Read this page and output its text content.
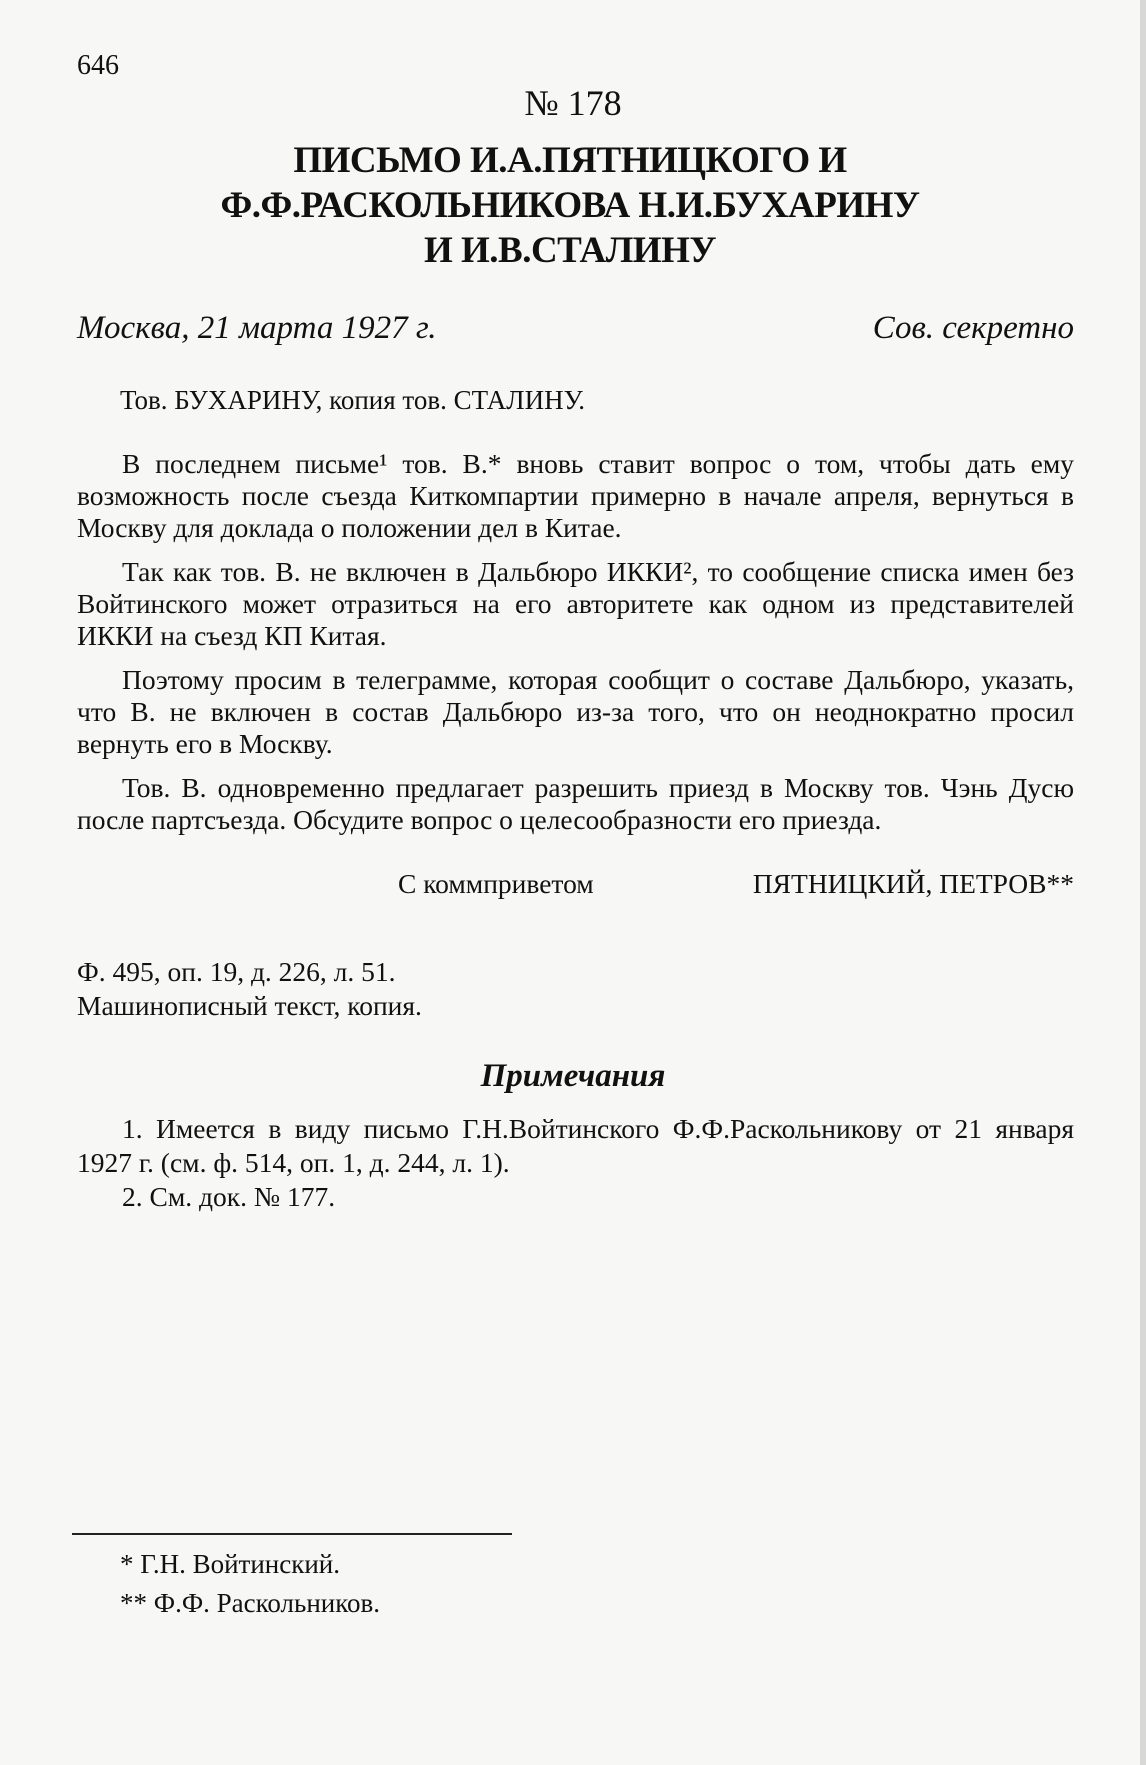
646
№ 178
ПИСЬМО И.А.ПЯТНИЦКОГО И
Ф.Ф.РАСКОЛЬНИКОВА Н.И.БУХАРИНУ
И И.В.СТАЛИНУ
Москва, 21 марта 1927 г.	Сов. секретно
Тов. БУХАРИНУ, копия тов. СТАЛИНУ.

В последнем письме¹ тов. В.* вновь ставит вопрос о том, чтобы дать ему возможность после съезда Киткомпартии примерно в начале апреля, вернуться в Москву для доклада о положении дел в Китае.

Так как тов. В. не включен в Дальбюро ИККИ², то сообщение списка имен без Войтинского может отразиться на его авторитете как одном из представителей ИККИ на съезд КП Китая.

Поэтому просим в телеграмме, которая сообщит о составе Дальбюро, указать, что В. не включен в состав Дальбюро из-за того, что он неоднократно просил вернуть его в Москву.

Тов. В. одновременно предлагает разрешить приезд в Москву тов. Чэнь Дусю после партсъезда. Обсудите вопрос о целесообразности его приезда.

С коммприветом	ПЯТНИЦКИЙ, ПЕТРОВ**
Ф. 495, оп. 19, д. 226, л. 51.
Машинописный текст, копия.
Примечания

1. Имеется в виду письмо Г.Н.Войтинского Ф.Ф.Раскольникову от 21 января 1927 г. (см. ф. 514, оп. 1, д. 244, л. 1).

2. См. док. № 177.

* Г.Н. Войтинский.
** Ф.Ф. Раскольников.
